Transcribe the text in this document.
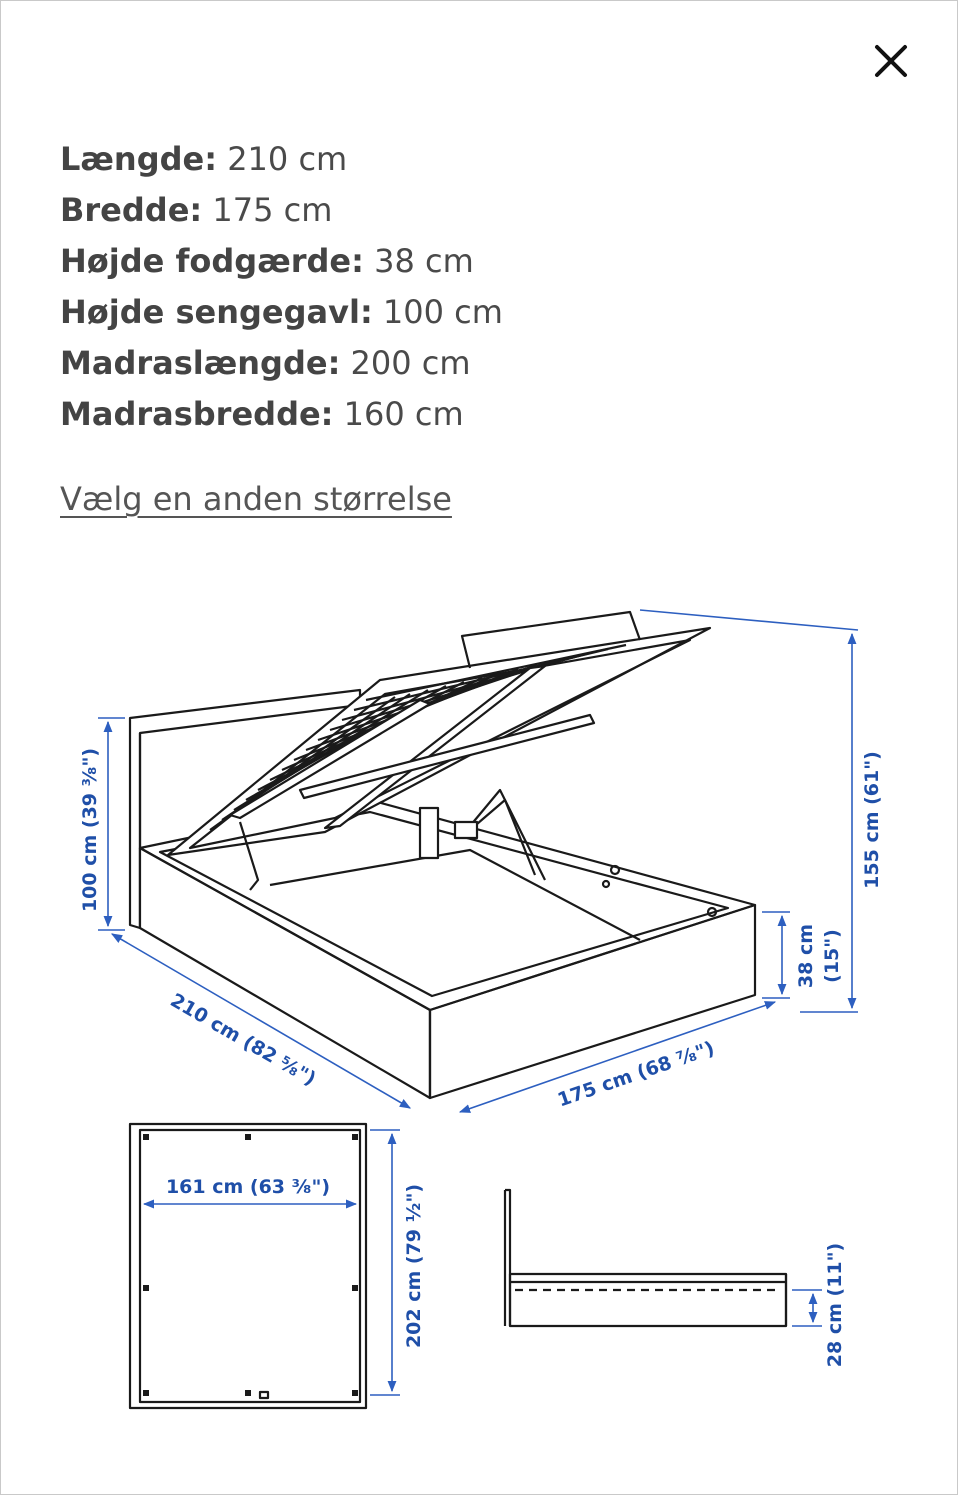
Længde: 210 cm
Bredde: 175 cm
Højde fodgærde: 38 cm
Højde sengegavl: 100 cm
Madraslængde: 200 cm
Madrasbredde: 160 cm
Vælg en anden størrelse
100 cm (39 ³⁄₈")	155 cm (61")
38 cm (15")
210 cm (82 ⁵⁄₈")	175 cm (68 ⁷⁄₈")
161 cm (63 ³⁄₈")	202 cm (79 ¹⁄₂")	28 cm (11")
